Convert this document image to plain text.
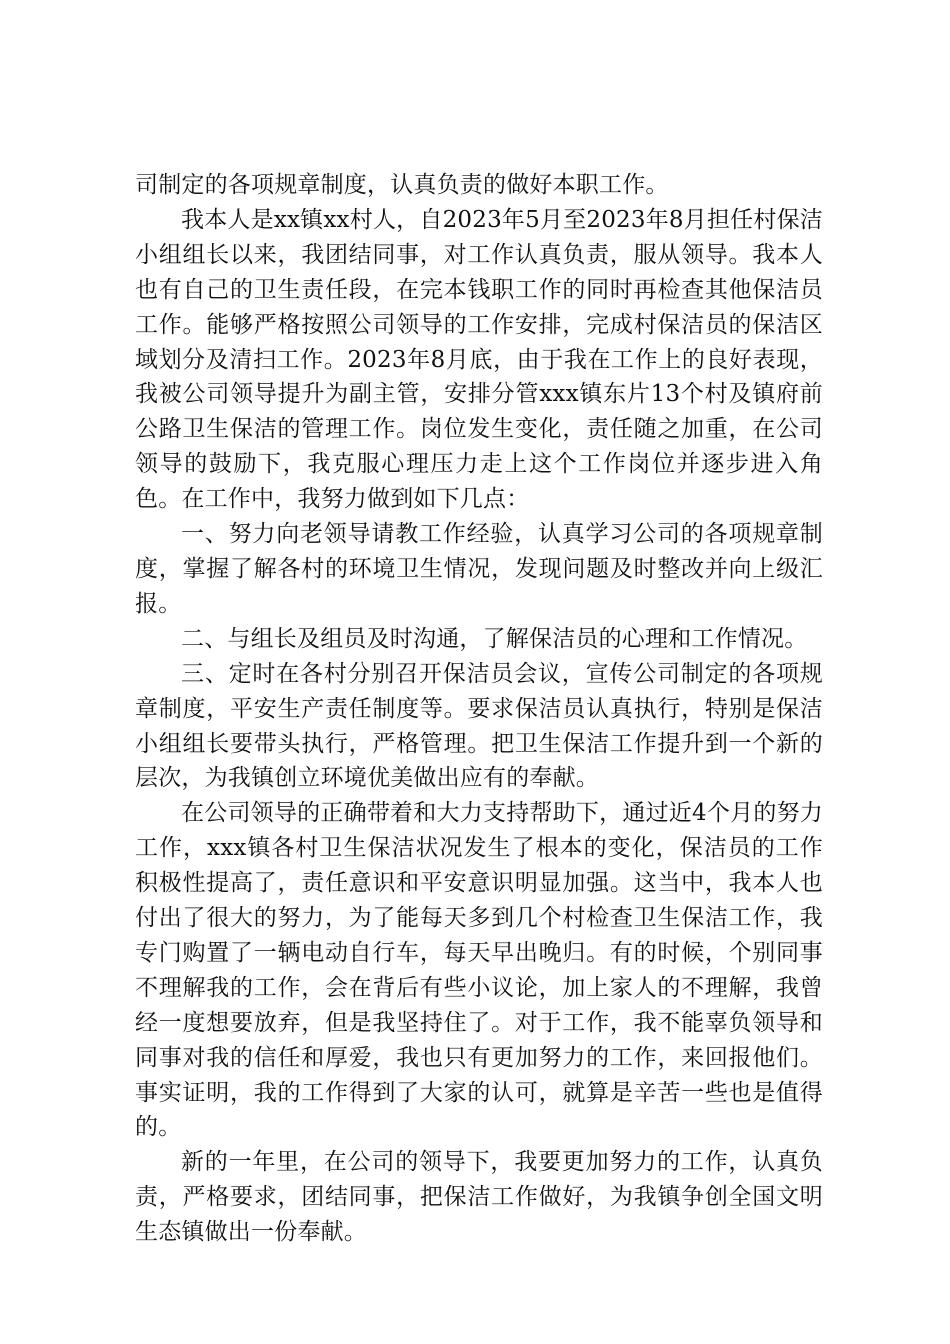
司制定的各项规章制度，认真负责的做好本职工作。

我本人是xx镇xx村人，自2023年5月至2023年8月担任村保洁小组组长以来，我团结同事，对工作认真负责，服从领导。我本人也有自己的卫生责任段，在完本钱职工作的同时再检查其他保洁员工作。能够严格按照公司领导的工作安排，完成村保洁员的保洁区域划分及清扫工作。2023年8月底，由于我在工作上的良好表现，我被公司领导提升为副主管，安排分管xxx镇东片13个村及镇府前公路卫生保洁的管理工作。岗位发生变化，责任随之加重，在公司领导的鼓励下，我克服心理压力走上这个工作岗位并逐步进入角色。在工作中，我努力做到如下几点：

一、努力向老领导请教工作经验，认真学习公司的各项规章制度，掌握了解各村的环境卫生情况，发现问题及时整改并向上级汇报。

二、与组长及组员及时沟通，了解保洁员的心理和工作情况。

三、定时在各村分别召开保洁员会议，宣传公司制定的各项规章制度，平安生产责任制度等。要求保洁员认真执行，特别是保洁小组组长要带头执行，严格管理。把卫生保洁工作提升到一个新的层次，为我镇创立环境优美做出应有的奉献。

在公司领导的正确带着和大力支持帮助下，通过近4个月的努力工作，xxx镇各村卫生保洁状况发生了根本的变化，保洁员的工作积极性提高了，责任意识和平安意识明显加强。这当中，我本人也付出了很大的努力，为了能每天多到几个村检查卫生保洁工作，我专门购置了一辆电动自行车，每天早出晚归。有的时候，个别同事不理解我的工作，会在背后有些小议论，加上家人的不理解，我曾经一度想要放弃，但是我坚持住了。对于工作，我不能辜负领导和同事对我的信任和厚爱，我也只有更加努力的工作，来回报他们。事实证明，我的工作得到了大家的认可，就算是辛苦一些也是值得的。

新的一年里，在公司的领导下，我要更加努力的工作，认真负责，严格要求，团结同事，把保洁工作做好，为我镇争创全国文明生态镇做出一份奉献。
